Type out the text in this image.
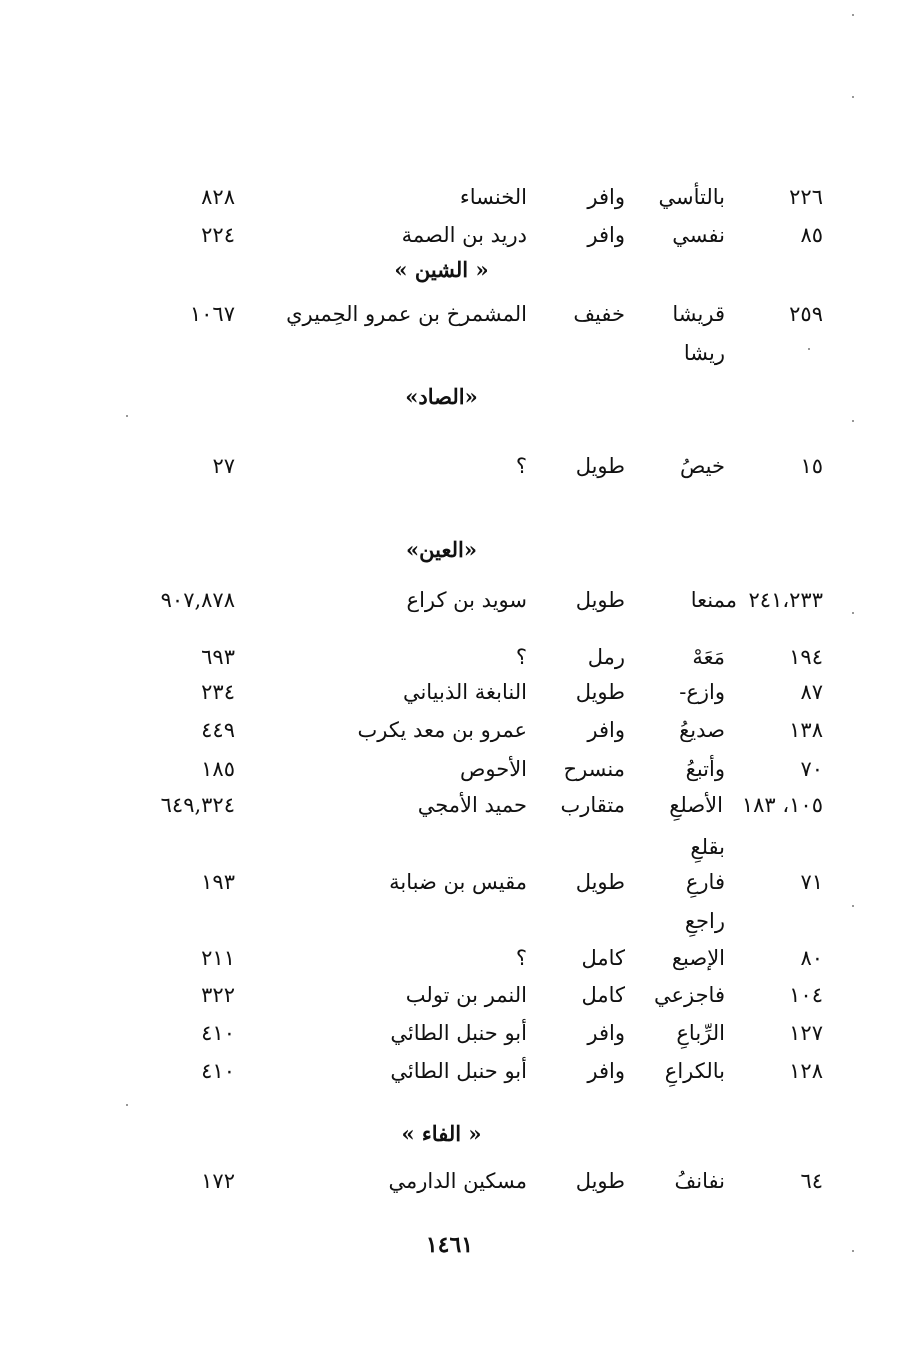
٢٢٦
بالتأسي
وافر
الخنساء
٨٢٨
٨٥
نفسي
وافر
دريد بن الصمة
٢٢٤
« الشين »
٢٥٩
قريشا
خفيف
المشمرخ بن عمرو الحِميري
١٠٦٧
ريشا
«الصاد»
١٥
خيصُ
طويل
؟
٢٧
«العين»
٢٤١،٢٣٣
ممنعا
طويل
سويد بن كراع
٩٠٧,٨٧٨
١٩٤
مَعَهْ
رمل
؟
٦٩٣
٨٧
وازع-
طويل
النابغة الذبياني
٢٣٤
١٣٨
صديعُ
وافر
عمرو بن معد يكرب
٤٤٩
٧٠
وأتبعُ
منسرح
الأحوص
١٨٥
١٠٥، ١٨٣
الأصلعِ
متقارب
حميد الأمجي
٦٤٩,٣٢٤
بقلعِ
٧١
فارعِ
طويل
مقيس بن ضبابة
١٩٣
راجعِ
٨٠
الإصبع
كامل
؟
٢١١
١٠٤
فاجزعي
كامل
النمر بن تولب
٣٢٢
١٢٧
الرِّباعِ
وافر
أبو حنبل الطائي
٤١٠
١٢٨
بالكراعِ
وافر
أبو حنبل الطائي
٤١٠
« الفاء »
٦٤
نفانفُ
طويل
مسكين الدارمي
١٧٢
١٤٦١
